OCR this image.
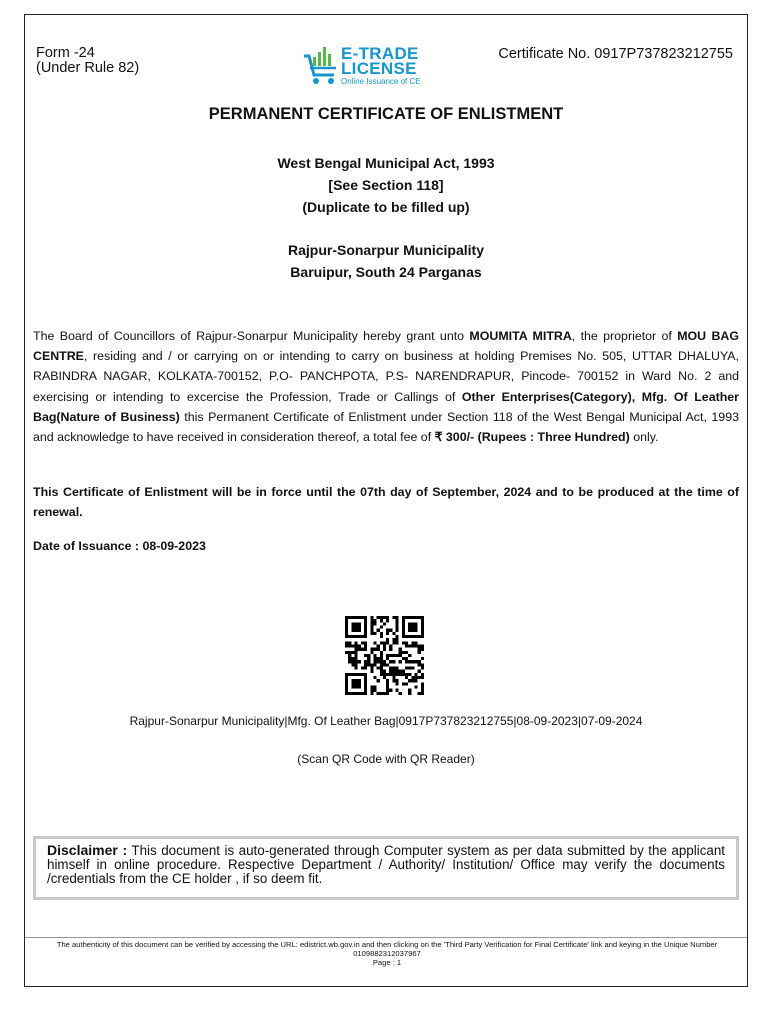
Form -24
(Under Rule 82)
E-TRADE
LICENSE
Online Issuance of CE
Certificate No. 0917P737823212755
PERMANENT CERTIFICATE OF ENLISTMENT
West Bengal Municipal Act, 1993
[See Section 118]
(Duplicate to be filled up)
Rajpur-Sonarpur Municipality
Baruipur, South 24 Parganas
The Board of Councillors of Rajpur-Sonarpur Municipality hereby grant unto MOUMITA MITRA, the proprietor of MOU BAG CENTRE, residing and / or carrying on or intending to carry on business at holding Premises No. 505, UTTAR DHALUYA, RABINDRA NAGAR, KOLKATA-700152, P.O- PANCHPOTA, P.S- NARENDRAPUR, Pincode- 700152 in Ward No. 2 and exercising or intending to excercise the Profession, Trade or Callings of Other Enterprises(Category), Mfg. Of Leather Bag(Nature of Business) this Permanent Certificate of Enlistment under Section 118 of the West Bengal Municipal Act, 1993 and acknowledge to have received in consideration thereof, a total fee of ₹ 300/- (Rupees : Three Hundred) only.
This Certificate of Enlistment will be in force until the 07th day of September, 2024 and to be produced at the time of renewal.
Date of Issuance : 08-09-2023
Rajpur-Sonarpur Municipality|Mfg. Of Leather Bag|0917P737823212755|08-09-2023|07-09-2024
(Scan QR Code with QR Reader)
Disclaimer : This document is auto-generated through Computer system as per data submitted by the applicant himself in online procedure. Respective Department / Authority/ Institution/ Office may verify the documents /credentials from the CE holder , if so deem fit.
The authenticity of this document can be verified by accessing the URL: edistrict.wb.gov.in and then clicking on the 'Third Party Verification for Final Certificate' link and keying in the Unique Number 0109882312037967
Page : 1
